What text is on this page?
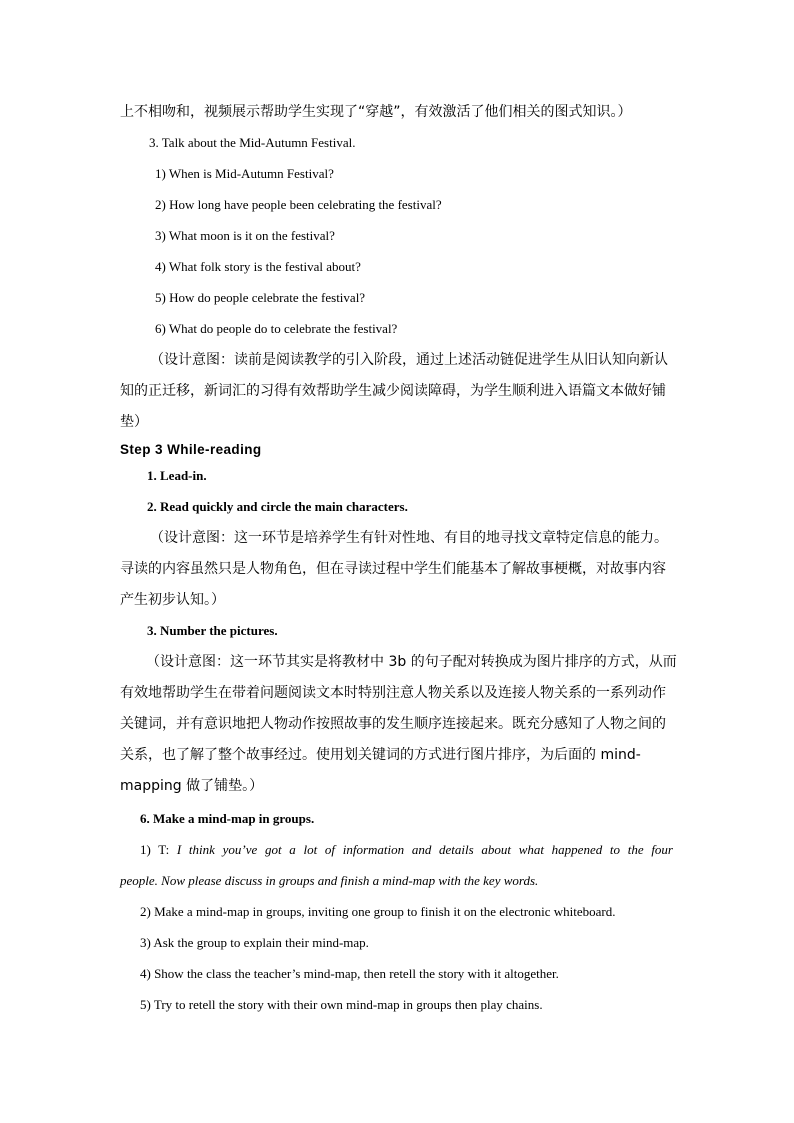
上不相吻和，视频展示帮助学生实现了“穿越”，有效激活了他们相关的图式知识。）
3. Talk about the Mid-Autumn Festival.
1) When is Mid-Autumn Festival?
2) How long have people been celebrating the festival?
3) What moon is it on the festival?
4) What folk story is the festival about?
5) How do people celebrate the festival?
6) What do people do to celebrate the festival?
（设计意图：读前是阅读教学的引入阶段，通过上述活动链促进学生从旧认知向新认
知的正迁移，新词汇的习得有效帮助学生减少阅读障碍，为学生顺利进入语篇文本做好铺
垫）
Step 3 While-reading
1. Lead-in.
2. Read quickly and circle the main characters.
（设计意图：这一环节是培养学生有针对性地、有目的地寻找文章特定信息的能力。
寻读的内容虽然只是人物角色，但在寻读过程中学生们能基本了解故事梗概，对故事内容
产生初步认知。）
3. Number the pictures.
（设计意图：这一环节其实是将教材中 3b 的句子配对转换成为图片排序的方式，从而
有效地帮助学生在带着问题阅读文本时特别注意人物关系以及连接人物关系的一系列动作
关键词，并有意识地把人物动作按照故事的发生顺序连接起来。既充分感知了人物之间的
关系，也了解了整个故事经过。使用划关键词的方式进行图片排序，为后面的 mind-
mapping 做了铺垫。）
6. Make a mind-map in groups.
1) T: I think you’ve got a lot of information and details about what happened to the four
people. Now please discuss in groups and finish a mind-map with the key words.
2) Make a mind-map in groups, inviting one group to finish it on the electronic whiteboard.
3) Ask the group to explain their mind-map.
4) Show the class the teacher’s mind-map, then retell the story with it altogether.
5) Try to retell the story with their own mind-map in groups then play chains.
